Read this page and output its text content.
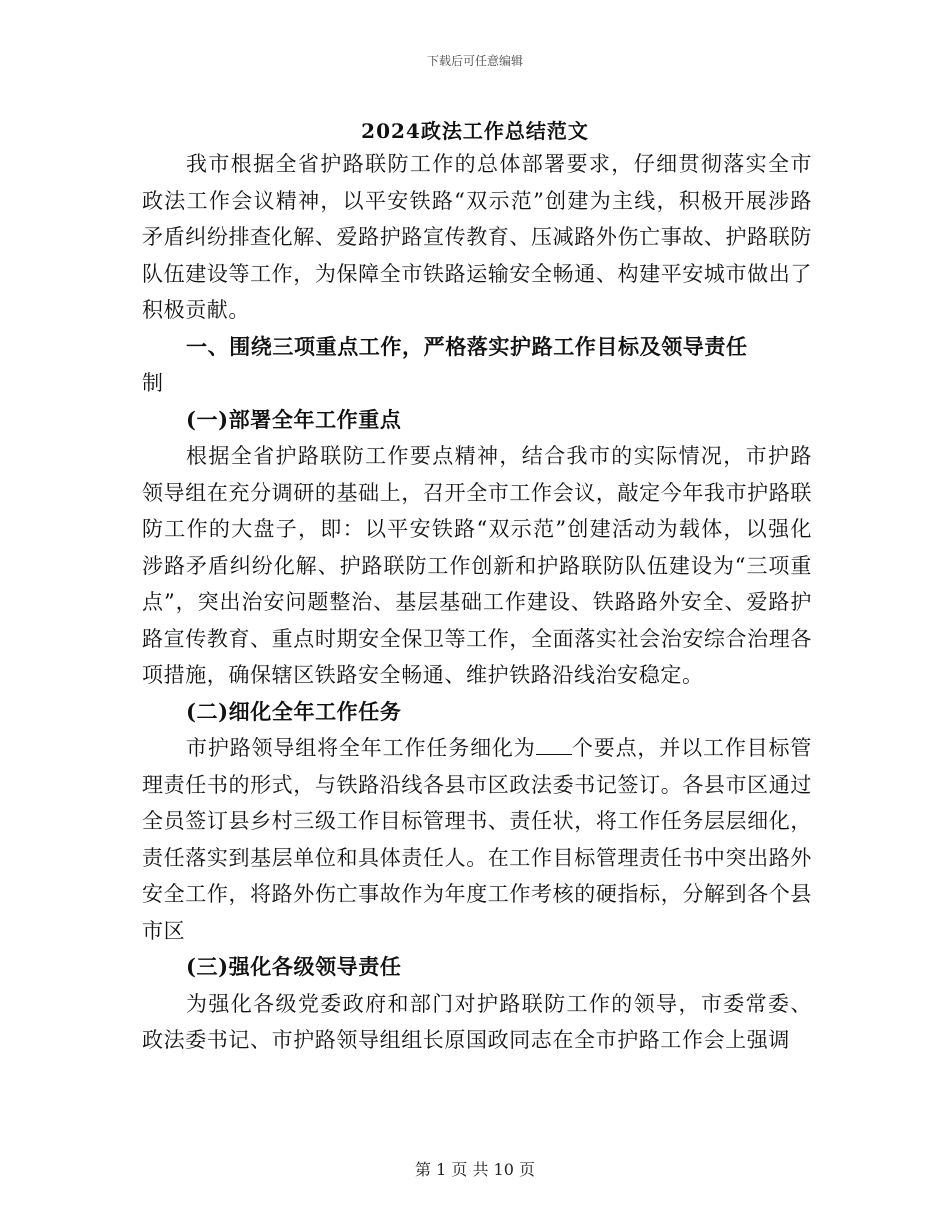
下载后可任意编辑
2024政法工作总结范文

我市根据全省护路联防工作的总体部署要求，仔细贯彻落实全市政法工作会议精神，以平安铁路“双示范”创建为主线，积极开展涉路矛盾纠纷排查化解、爱路护路宣传教育、压减路外伤亡事故、护路联防队伍建设等工作，为保障全市铁路运输安全畅通、构建平安城市做出了积极贡献。

一、围绕三项重点工作，严格落实护路工作目标及领导责任
制

(一)部署全年工作重点

根据全省护路联防工作要点精神，结合我市的实际情况，市护路领导组在充分调研的基础上，召开全市工作会议，敲定今年我市护路联防工作的大盘子，即：以平安铁路“双示范”创建活动为载体，以强化涉路矛盾纠纷化解、护路联防工作创新和护路联防队伍建设为“三项重点”，突出治安问题整治、基层基础工作建设、铁路路外安全、爱路护路宣传教育、重点时期安全保卫等工作，全面落实社会治安综合治理各项措施，确保辖区铁路安全畅通、维护铁路沿线治安稳定。

(二)细化全年工作任务

市护路领导组将全年工作任务细化为 个要点，并以工作目标管理责任书的形式，与铁路沿线各县市区政法委书记签订。各县市区通过全员签订县乡村三级工作目标管理书、责任状，将工作任务层层细化，责任落实到基层单位和具体责任人。在工作目标管理责任书中突出路外安全工作，将路外伤亡事故作为年度工作考核的硬指标，分解到各个县市区

(三)强化各级领导责任

为强化各级党委政府和部门对护路联防工作的领导，市委常委、政法委书记、市护路领导组组长原国政同志在全市护路工作会上强调

第 1 页 共 10 页
